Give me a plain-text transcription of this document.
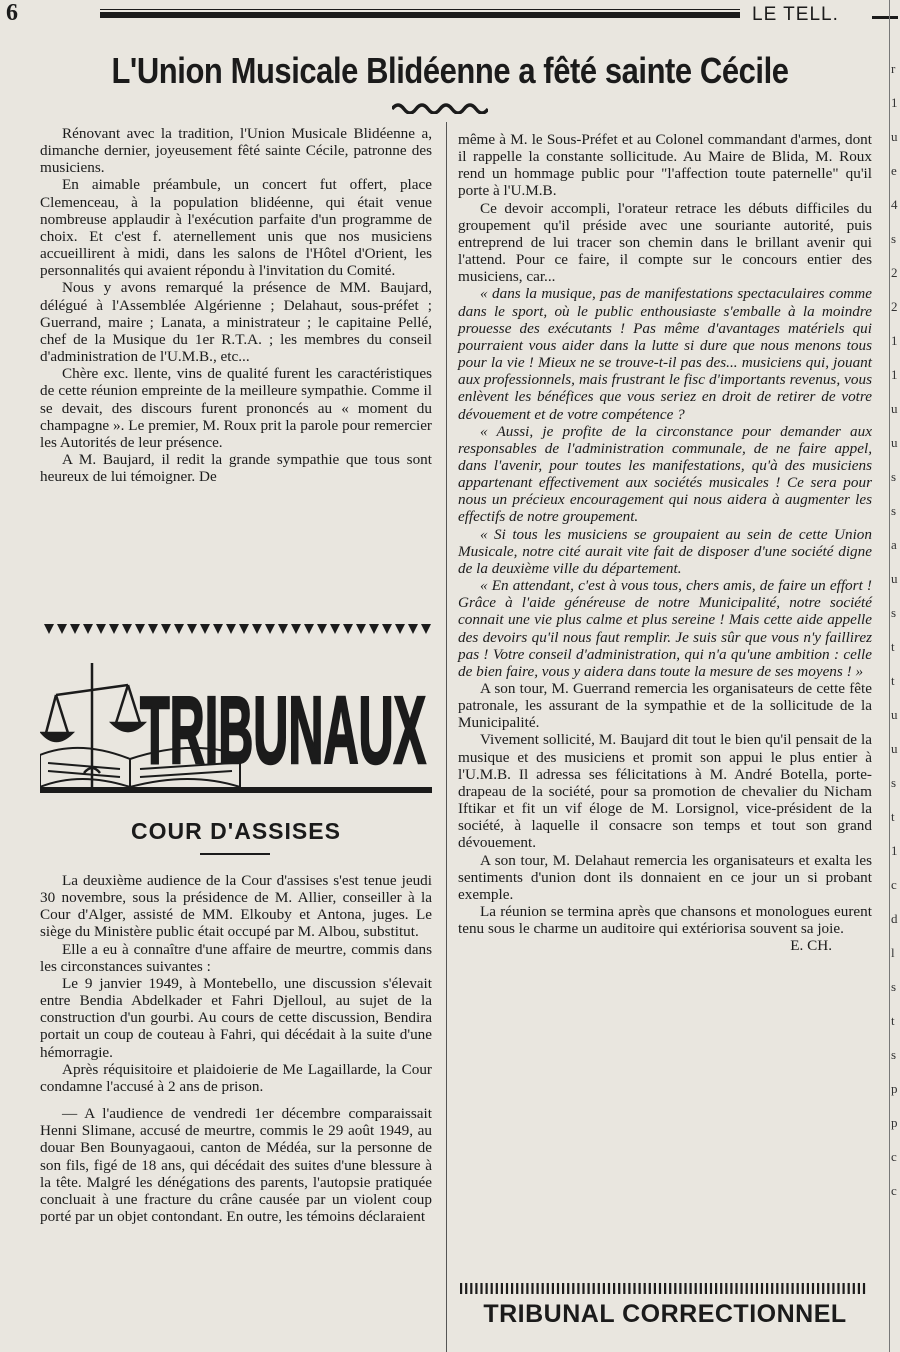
6	LE TELL.
L'Union Musicale Blidéenne a fêté sainte Cécile

Rénovant avec la tradition, l'Union Musicale Blidéenne a, dimanche dernier, joyeusement fêté sainte Cécile, patronne des musiciens.

En aimable préambule, un concert fut offert, place Clemenceau, à la population blidéenne, qui était venue nombreuse applaudir à l'exécution parfaite d'un programme de choix. Et c'est f. aternellement unis que nos musiciens accueillirent à midi, dans les salons de l'Hôtel d'Orient, les personnalités qui avaient répondu à l'invitation du Comité.

Nous y avons remarqué la présence de MM. Baujard, délégué à l'Assemblée Algérienne ; Delahaut, sous-préfet ; Guerrand, maire ; Lanata, a ministrateur ; le capitaine Pellé, chef de la Musique du 1er R.T.A. ; les membres du conseil d'administration de l'U.M.B., etc...

Chère exc. llente, vins de qualité furent les caractéristiques de cette réunion empreinte de la meilleure sympathie. Comme il se devait, des discours furent prononcés au « moment du champagne ». Le premier, M. Roux prit la parole pour remercier les Autorités de leur présence.

A M. Baujard, il redit la grande sympathie que tous sont heureux de lui témoigner. De

TRIBUNAUX
COUR D'ASSISES

La deuxième audience de la Cour d'assises s'est tenue jeudi 30 novembre, sous la présidence de M. Allier, conseiller à la Cour d'Alger, assisté de MM. Elkouby et Antona, juges. Le siège du Ministère public était occupé par M. Albou, substitut.

Elle a eu à connaître d'une affaire de meurtre, commis dans les circonstances suivantes :

Le 9 janvier 1949, à Montebello, une discussion s'élevait entre Bendia Abdelkader et Fahri Djelloul, au sujet de la construction d'un gourbi. Au cours de cette discussion, Bendira portait un coup de couteau à Fahri, qui décédait à la suite d'une hémorragie.

Après réquisitoire et plaidoierie de Me Lagaillarde, la Cour condamne l'accusé à 2 ans de prison.

— A l'audience de vendredi 1er décembre comparaissait Henni Slimane, accusé de meurtre, commis le 29 août 1949, au douar Ben Bounyagaoui, canton de Médéa, sur la personne de son fils, figé de 18 ans, qui décédait des suites d'une blessure à la tête. Malgré les dénégations des parents, l'autopsie pratiquée concluait à une fracture du crâne causée par un violent coup porté par un objet contondant. En outre, les témoins déclaraient

même à M. le Sous-Préfet et au Colonel commandant d'armes, dont il rappelle la constante sollicitude. Au Maire de Blida, M. Roux rend un hommage public pour "l'affection toute paternelle" qu'il porte à l'U.M.B.

Ce devoir accompli, l'orateur retrace les débuts difficiles du groupement qu'il préside avec une souriante autorité, puis entreprend de lui tracer son chemin dans le brillant avenir qui l'attend. Pour ce faire, il compte sur le concours entier des musiciens, car...

« dans la musique, pas de manifestations spectaculaires comme dans le sport, où le public enthousiaste s'emballe à la moindre prouesse des exécutants ! Pas même d'avantages matériels qui pourraient vous aider dans la lutte si dure que nous menons tous pour la vie ! Mieux ne se trouve-t-il pas des... musiciens qui, jouant aux professionnels, mais frustrant le fisc d'importants revenus, vous enlèvent les bénéfices que vous seriez en droit de retirer de votre dévouement et de votre compétence ?

« Aussi, je profite de la circonstance pour demander aux responsables de l'administration communale, de ne faire appel, dans l'avenir, pour toutes les manifestations, qu'à des musiciens appartenant effectivement aux sociétés musicales ! Ce sera pour nous un précieux encouragement qui nous aidera à augmenter les effectifs de notre groupement.

« Si tous les musiciens se groupaient au sein de cette Union Musicale, notre cité aurait vite fait de disposer d'une société digne de la deuxième ville du département.

« En attendant, c'est à vous tous, chers amis, de faire un effort ! Grâce à l'aide généreuse de notre Municipalité, notre société connait une vie plus calme et plus sereine ! Mais cette aide appelle des devoirs qu'il nous faut remplir. Je suis sûr que vous n'y faillirez pas ! Votre conseil d'administration, qui n'a qu'une ambition : celle de bien faire, vous y aidera dans toute la mesure de ses moyens ! »

A son tour, M. Guerrand remercia les organisateurs de cette fête patronale, les assurant de la sympathie et de la sollicitude de la Municipalité.

Vivement sollicité, M. Baujard dit tout le bien qu'il pensait de la musique et des musiciens et promit son appui le plus entier à l'U.M.B. Il adressa ses félicitations à M. André Botella, porte-drapeau de la société, pour sa promotion de chevalier du Nicham Iftikar et fit un vif éloge de M. Lorsignol, vice-président de la société, à laquelle il consacre son temps et tout son grand dévouement.

A son tour, M. Delahaut remercia les organisateurs et exalta les sentiments d'union dont ils donnaient en ce jour un si probant exemple.

La réunion se termina après que chansons et monologues eurent tenu sous le charme un auditoire qui extériorisa souvent sa joie.

E. CH.

TRIBUNAL CORRECTIONNEL
r
1
u
e
4
s
2
2
1
1
u
u
s
s
a
u
s
t
t
u
u
s
t
1
c
d
l
s
t
s
p
p
c
c
